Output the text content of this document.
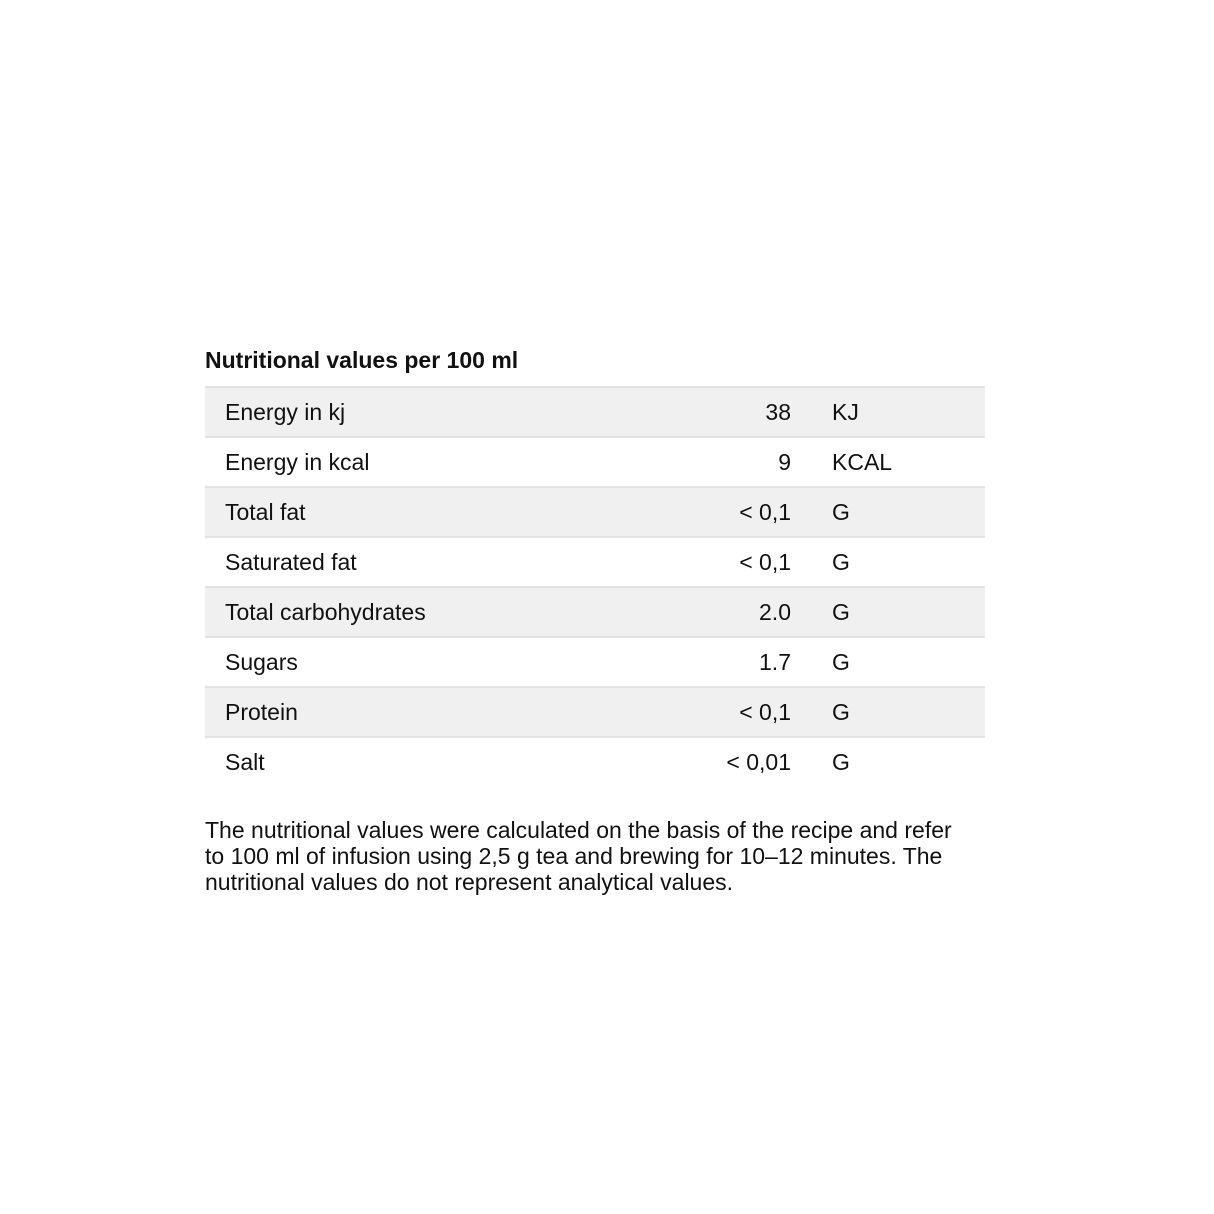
Nutritional values per 100 ml
Energy in kj	38	KJ
Energy in kcal	9	KCAL
Total fat	< 0,1	G
Saturated fat	< 0,1	G
Total carbohydrates	2.0	G
Sugars	1.7	G
Protein	< 0,1	G
Salt	< 0,01	G

The nutritional values were calculated on the basis of the recipe and refer to 100 ml of infusion using 2,5 g tea and brewing for 10–12 minutes. The nutritional values do not represent analytical values.
